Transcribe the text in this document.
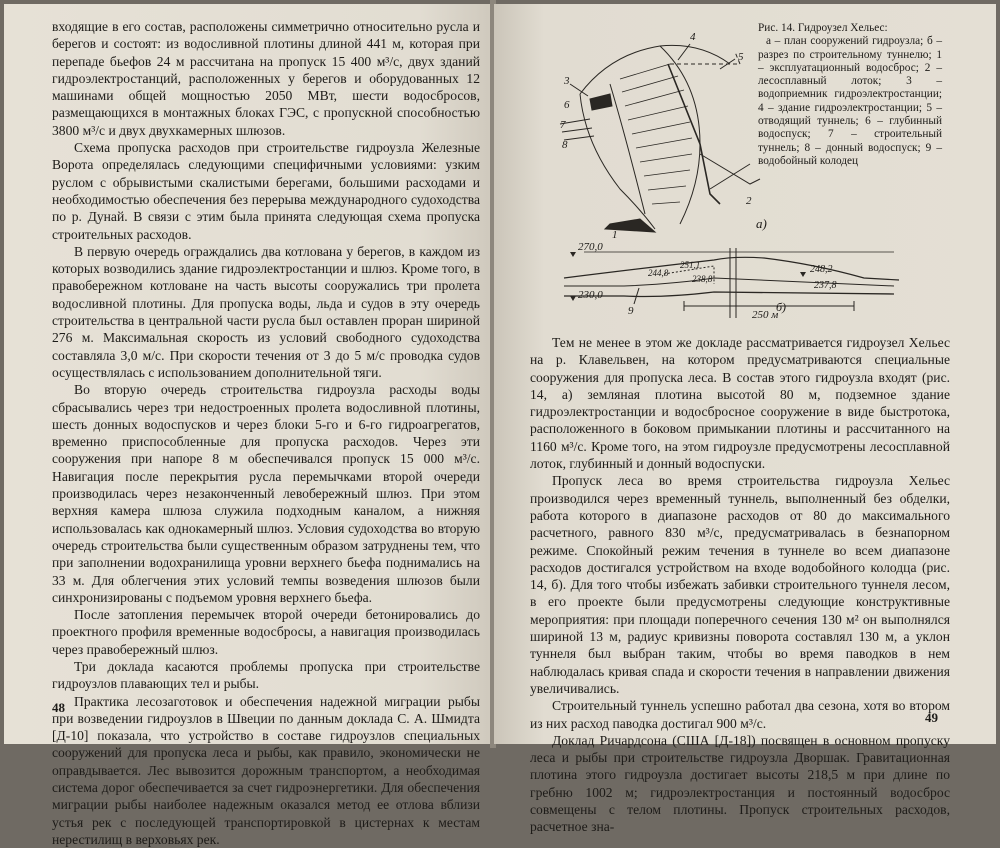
входящие в его состав, расположены симметрично относительно русла и берегов и состоят: из водосливной плотины длиной 441 м, которая при перепаде бьефов 24 м рассчитана на пропуск 15 400 м³/с, двух зданий гидроэлектростанций, расположенных у берегов и оборудованных 12 машинами общей мощностью 2050 МВт, шести водосбросов, размещающихся в монтажных блоках ГЭС, с пропускной способностью 3800 м³/с и двух двухкамерных шлюзов.

Схема пропуска расходов при строительстве гидроузла Железные Ворота определялась следующими специфичными условиями: узким руслом с обрывистыми скалистыми берегами, большими расходами и необходимостью обеспечения без перерыва международного судоходства по р. Дунай. В связи с этим была принята следующая схема пропуска строительных расходов.

В первую очередь ограждались два котлована у берегов, в каждом из которых возводились здание гидроэлектростанции и шлюз. Кроме того, в правобережном котловане на часть высоты сооружались три пролета водосливной плотины. Для пропуска воды, льда и судов в эту очередь строительства в центральной части русла был оставлен проран шириной 276 м. Максимальная скорость из условий свободного судоходства составляла 3,0 м/с. При скорости течения от 3 до 5 м/с проводка судов осуществлялась с использованием дополнительной тяги.

Во вторую очередь строительства гидроузла расходы воды сбрасывались через три недостроенных пролета водосливной плотины, шесть донных водоспусков и через блоки 5-го и 6-го гидроагрегатов, временно приспособленные для пропуска расходов. Через эти сооружения при напоре 8 м обеспечивался пропуск 15 000 м³/с. Навигация после перекрытия русла перемычками второй очереди производилась через незаконченный левобережный шлюз. При этом верхняя камера шлюза служила подходным каналом, а нижняя использовалась как однокамерный шлюз. Условия судоходства во вторую очередь строительства были существенным образом затруднены тем, что при заполнении водохранилища уровни верхнего бьефа поднимались на 33 м. Для облегчения этих условий темпы возведения шлюзов были синхронизированы с подъемом уровня верхнего бьефа.

После затопления перемычек второй очереди бетонировались до проектного профиля временные водосбросы, а навигация производилась через правобережный шлюз.

Три доклада касаются проблемы пропуска при строительстве гидроузлов плавающих тел и рыбы.

Практика лесозаготовок и обеспечения надежной миграции рыбы при возведении гидроузлов в Швеции по данным доклада С. А. Шмидта [Д-10] показала, что устройство в составе гидроузлов специальных сооружений для пропуска леса и рыбы, как правило, экономически не оправдывается. Лес вывозится дорожным транспортом, а необходимая система дорог обеспечивается за счет гидроэнергетики. Для обеспечения миграции рыбы наиболее надежным оказался метод ее отлова вблизи устья рек с последующей транспортировкой в цистернах к местам нерестилищ в верховьях рек.

48
1
2
3
4
5
6
7
8
а)
Рис. 14. Гидроузел Хельес:
а – план сооружений гидроузла; б – разрез по строительному туннелю; 1 – эксплуатационный водосброс; 2 – лесосплавный лоток; 3 – водоприемник гидроэлектростанции; 4 – здание гидроэлектростанции; 5 – отводящий туннель; 6 – глубинный водоспуск; 7 – строительный туннель; 8 – донный водоспуск; 9 – водобойный колодец
270,0
251,1
244,8
238,8
248,2
237,8
230,0
9	250 м
б)

Тем не менее в этом же докладе рассматривается гидроузел Хельес на р. Клавельвен, на котором предусматриваются специальные сооружения для пропуска леса. В состав этого гидроузла входят (рис. 14, а) земляная плотина высотой 80 м, подземное здание гидроэлектростанции и водосбросное сооружение в виде быстротока, расположенного в боковом примыкании плотины и рассчитанного на 1160 м³/с. Кроме того, на этом гидроузле предусмотрены лесосплавной лоток, глубинный и донный водоспуски.

Пропуск леса во время строительства гидроузла Хельес производился через временный туннель, выполненный без обделки, работа которого в диапазоне расходов от 80 до максимального расчетного, равного 830 м³/с, предусматривалась в безнапорном режиме. Спокойный режим течения в туннеле во всем диапазоне расходов достигался устройством на входе водобойного колодца (рис. 14, б). Для того чтобы избежать забивки строительного туннеля лесом, в его проекте были предусмотрены следующие конструктивные мероприятия: при площади поперечного сечения 130 м² он выполнялся шириной 13 м, радиус кривизны поворота составлял 130 м, а уклон туннеля был выбран таким, чтобы во время паводков в нем наблюдалась кривая спада и скорости течения в направлении движения увеличивались.

Строительный туннель успешно работал два сезона, хотя во втором из них расход паводка достигал 900 м³/с.

Доклад Ричардсона (США [Д-18]) посвящен в основном пропуску леса и рыбы при строительстве гидроузла Дворшак. Гравитационная плотина этого гидроузла достигает высоты 218,5 м при длине по гребню 1002 м; гидроэлектростанция и постоянный водосброс совмещены с телом плотины. Пропуск строительных расходов, расчетное зна-

49
